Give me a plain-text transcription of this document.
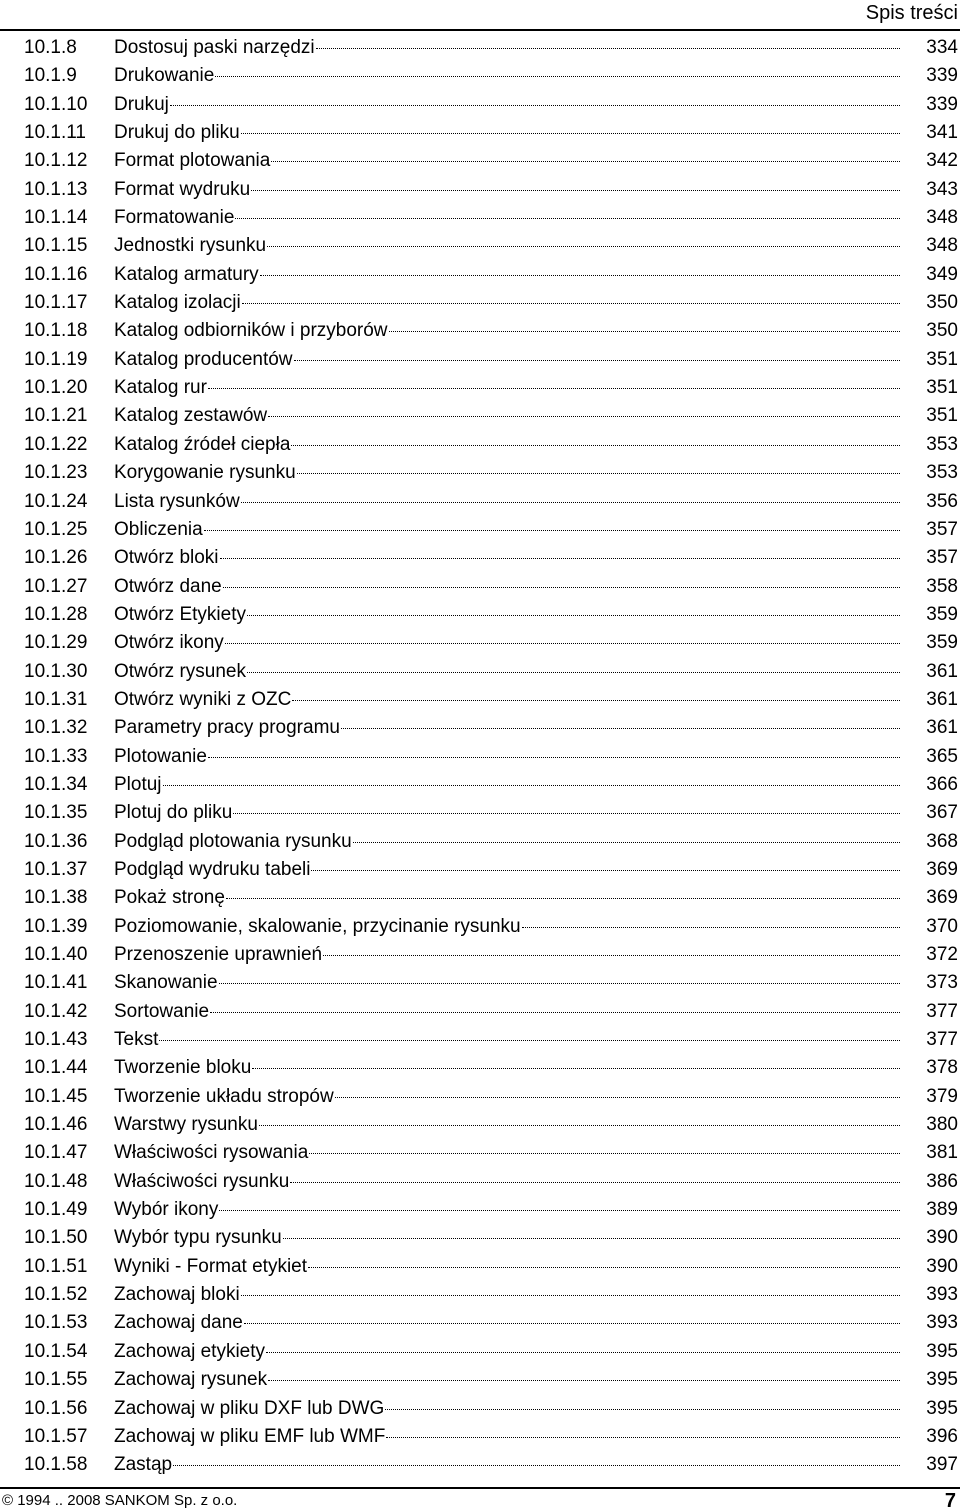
Spis treści
10.1.8 Dostosuj paski narzędzi	334
10.1.9 Drukowanie	339
10.1.10 Drukuj	339
10.1.11 Drukuj do pliku	341
10.1.12 Format plotowania	342
10.1.13 Format wydruku	343
10.1.14 Formatowanie	348
10.1.15 Jednostki rysunku	348
10.1.16 Katalog armatury	349
10.1.17 Katalog izolacji	350
10.1.18 Katalog odbiorników i przyborów	350
10.1.19 Katalog producentów	351
10.1.20 Katalog rur	351
10.1.21 Katalog zestawów	351
10.1.22 Katalog źródeł ciepła	353
10.1.23 Korygowanie rysunku	353
10.1.24 Lista rysunków	356
10.1.25 Obliczenia	357
10.1.26 Otwórz bloki	357
10.1.27 Otwórz dane	358
10.1.28 Otwórz Etykiety	359
10.1.29 Otwórz ikony	359
10.1.30 Otwórz rysunek	361
10.1.31 Otwórz wyniki z OZC	361
10.1.32 Parametry pracy programu	361
10.1.33 Plotowanie	365
10.1.34 Plotuj	366
10.1.35 Plotuj do pliku	367
10.1.36 Podgląd plotowania rysunku	368
10.1.37 Podgląd wydruku tabeli	369
10.1.38 Pokaż stronę	369
10.1.39 Poziomowanie, skalowanie, przycinanie rysunku	370
10.1.40 Przenoszenie uprawnień	372
10.1.41 Skanowanie	373
10.1.42 Sortowanie	377
10.1.43 Tekst	377
10.1.44 Tworzenie bloku	378
10.1.45 Tworzenie układu stropów	379
10.1.46 Warstwy rysunku	380
10.1.47 Właściwości rysowania	381
10.1.48 Właściwości rysunku	386
10.1.49 Wybór ikony	389
10.1.50 Wybór typu rysunku	390
10.1.51 Wyniki - Format etykiet	390
10.1.52 Zachowaj bloki	393
10.1.53 Zachowaj dane	393
10.1.54 Zachowaj etykiety	395
10.1.55 Zachowaj rysunek	395
10.1.56 Zachowaj w pliku DXF lub DWG	395
10.1.57 Zachowaj w pliku EMF lub WMF	396
10.1.58 Zastąp	397
© 1994 .. 2008 SANKOM Sp. z o.o.	7
